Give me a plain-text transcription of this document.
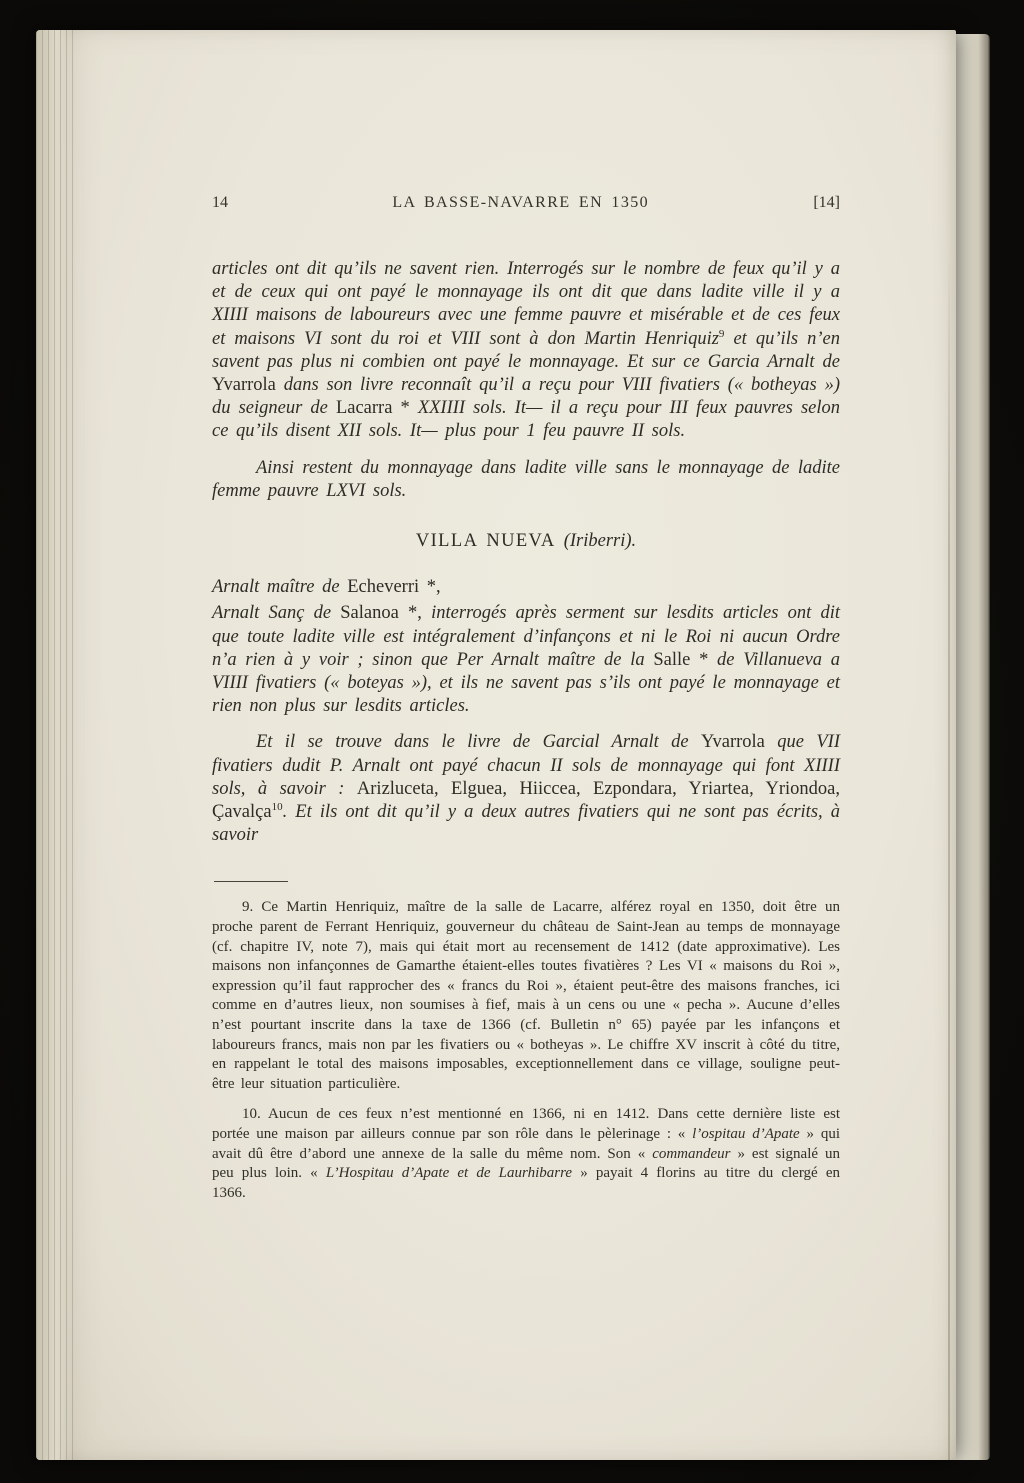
14	LA BASSE-NAVARRE EN 1350	[14]

articles ont dit qu’ils ne savent rien. Interrogés sur le nombre de feux qu’il y a et de ceux qui ont payé le monnayage ils ont dit que dans ladite ville il y a XIIII maisons de laboureurs avec une femme pauvre et misérable et de ces feux et maisons VI sont du roi et VIII sont à don Martin Henriquiz$^9$ et qu’ils n’en savent pas plus ni combien ont payé le monnayage. Et sur ce Garcia Arnalt de Yvarrola dans son livre reconnaît qu’il a reçu pour VIII fivatiers (« botheyas ») du seigneur de Lacarra * XXIIII sols. It— il a reçu pour III feux pauvres selon ce qu’ils disent XII sols. It— plus pour 1 feu pauvre II sols.

Ainsi restent du monnayage dans ladite ville sans le monnayage de ladite femme pauvre LXVI sols.

VILLA NUEVA (Iriberri).

Arnalt maître de Echeverri *,

Arnalt Sanç de Salanoa *, interrogés après serment sur lesdits articles ont dit que toute ladite ville est intégralement d’infançons et ni le Roi ni aucun Ordre n’a rien à y voir ; sinon que Per Arnalt maître de la Salle * de Villanueva a VIIII fivatiers (« boteyas »), et ils ne savent pas s’ils ont payé le monnayage et rien non plus sur lesdits articles.

Et il se trouve dans le livre de Garcial Arnalt de Yvarrola que VII fivatiers dudit P. Arnalt ont payé chacun II sols de monnayage qui font XIIII sols, à savoir : Arizluceta, Elguea, Hiiccea, Ezpondara, Yriartea, Yriondoa, Çavalça$^{10}$. Et ils ont dit qu’il y a deux autres fivatiers qui ne sont pas écrits, à savoir

9. Ce Martin Henriquiz, maître de la salle de Lacarre, alférez royal en 1350, doit être un proche parent de Ferrant Henriquiz, gouverneur du château de Saint-Jean au temps de monnayage (cf. chapitre IV, note 7), mais qui était mort au recensement de 1412 (date approximative). Les maisons non infançonnes de Gamarthe étaient-elles toutes fivatières ? Les VI « maisons du Roi », expression qu’il faut rapprocher des « francs du Roi », étaient peut-être des maisons franches, ici comme en d’autres lieux, non soumises à fief, mais à un cens ou une « pecha ». Aucune d’elles n’est pourtant inscrite dans la taxe de 1366 (cf. Bulletin n° 65) payée par les infançons et laboureurs francs, mais non par les fivatiers ou « botheyas ». Le chiffre XV inscrit à côté du titre, en rappelant le total des maisons imposables, exceptionnellement dans ce village, souligne peut-être leur situation particulière.

10. Aucun de ces feux n’est mentionné en 1366, ni en 1412. Dans cette dernière liste est portée une maison par ailleurs connue par son rôle dans le pèlerinage : « l’ospitau d’Apate » qui avait dû être d’abord une annexe de la salle du même nom. Son « commandeur » est signalé un peu plus loin. « L’Hospitau d’Apate et de Laurhibarre » payait 4 florins au titre du clergé en 1366.
